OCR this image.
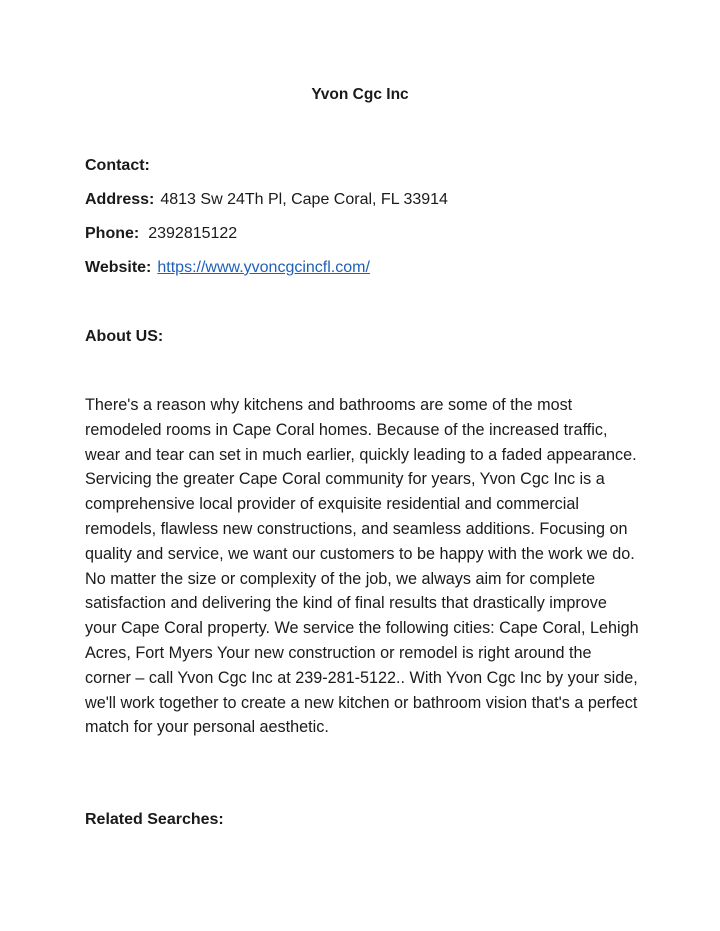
Yvon Cgc Inc
Contact:
Address: 4813 Sw 24Th Pl, Cape Coral, FL 33914
Phone: 2392815122
Website: https://www.yvoncgcincfl.com/
About US:
There's a reason why kitchens and bathrooms are some of the most remodeled rooms in Cape Coral homes. Because of the increased traffic, wear and tear can set in much earlier, quickly leading to a faded appearance. Servicing the greater Cape Coral community for years, Yvon Cgc Inc is a comprehensive local provider of exquisite residential and commercial remodels, flawless new constructions, and seamless additions. Focusing on quality and service, we want our customers to be happy with the work we do. No matter the size or complexity of the job, we always aim for complete satisfaction and delivering the kind of final results that drastically improve your Cape Coral property. We service the following cities: Cape Coral, Lehigh Acres, Fort Myers Your new construction or remodel is right around the corner – call Yvon Cgc Inc at 239-281-5122.. With Yvon Cgc Inc by your side, we'll work together to create a new kitchen or bathroom vision that's a perfect match for your personal aesthetic.
Related Searches:
